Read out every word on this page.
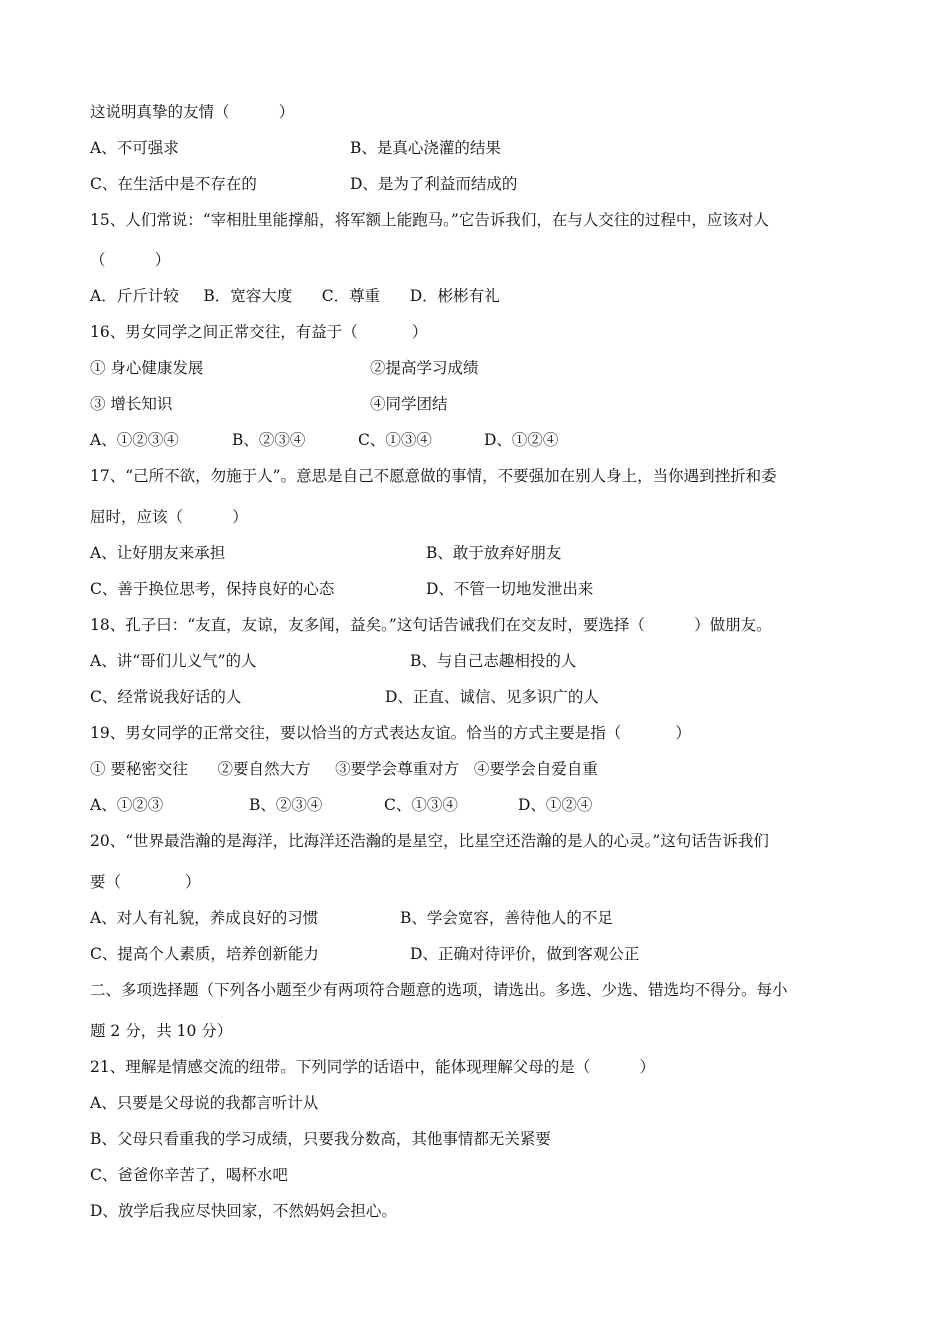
这说明真挚的友情（          ）
A、不可强求	B、是真心浇灌的结果
C、在生活中是不存在的	D、是为了利益而结成的
15、人们常说：“宰相肚里能撑船，将军额上能跑马。”它告诉我们，在与人交往的过程中，应该对人
（          ）
A．斤斤计较     B．宽容大度      C．尊重      D．彬彬有礼
16、男女同学之间正常交往，有益于（           ）
① 身心健康发展	②提高学习成绩
③ 增长知识	④同学团结
A、①②③④	B、②③④	C、①③④	D、①②④
17、“己所不欲，勿施于人”。意思是自己不愿意做的事情，不要强加在别人身上，当你遇到挫折和委
屈时，应该（          ）
A、让好朋友来承担	B、敢于放弃好朋友
C、善于换位思考，保持良好的心态	D、不管一切地发泄出来
18、孔子曰：“友直，友谅，友多闻，益矣。”这句话告诫我们在交友时，要选择（          ）做朋友。
A、讲“哥们儿义气”的人	B、与自己志趣相投的人
C、经常说我好话的人	D、正直、诚信、见多识广的人
19、男女同学的正常交往，要以恰当的方式表达友谊。恰当的方式主要是指（           ）
① 要秘密交往      ②要自然大方     ③要学会尊重对方   ④要学会自爱自重
A、①②③	B、②③④	C、①③④	D、①②④
20、“世界最浩瀚的是海洋，比海洋还浩瀚的是星空，比星空还浩瀚的是人的心灵。”这句话告诉我们
要（             ）
A、对人有礼貌，养成良好的习惯	B、学会宽容，善待他人的不足
C、提高个人素质，培养创新能力	D、正确对待评价，做到客观公正
二、多项选择题（下列各小题至少有两项符合题意的选项，请选出。多选、少选、错选均不得分。每小
题 2 分，共 10 分）
21、理解是情感交流的纽带。下列同学的话语中，能体现理解父母的是（          ）
A、只要是父母说的我都言听计从
B、父母只看重我的学习成绩，只要我分数高，其他事情都无关紧要
C、爸爸你辛苦了，喝杯水吧
D、放学后我应尽快回家，不然妈妈会担心。
